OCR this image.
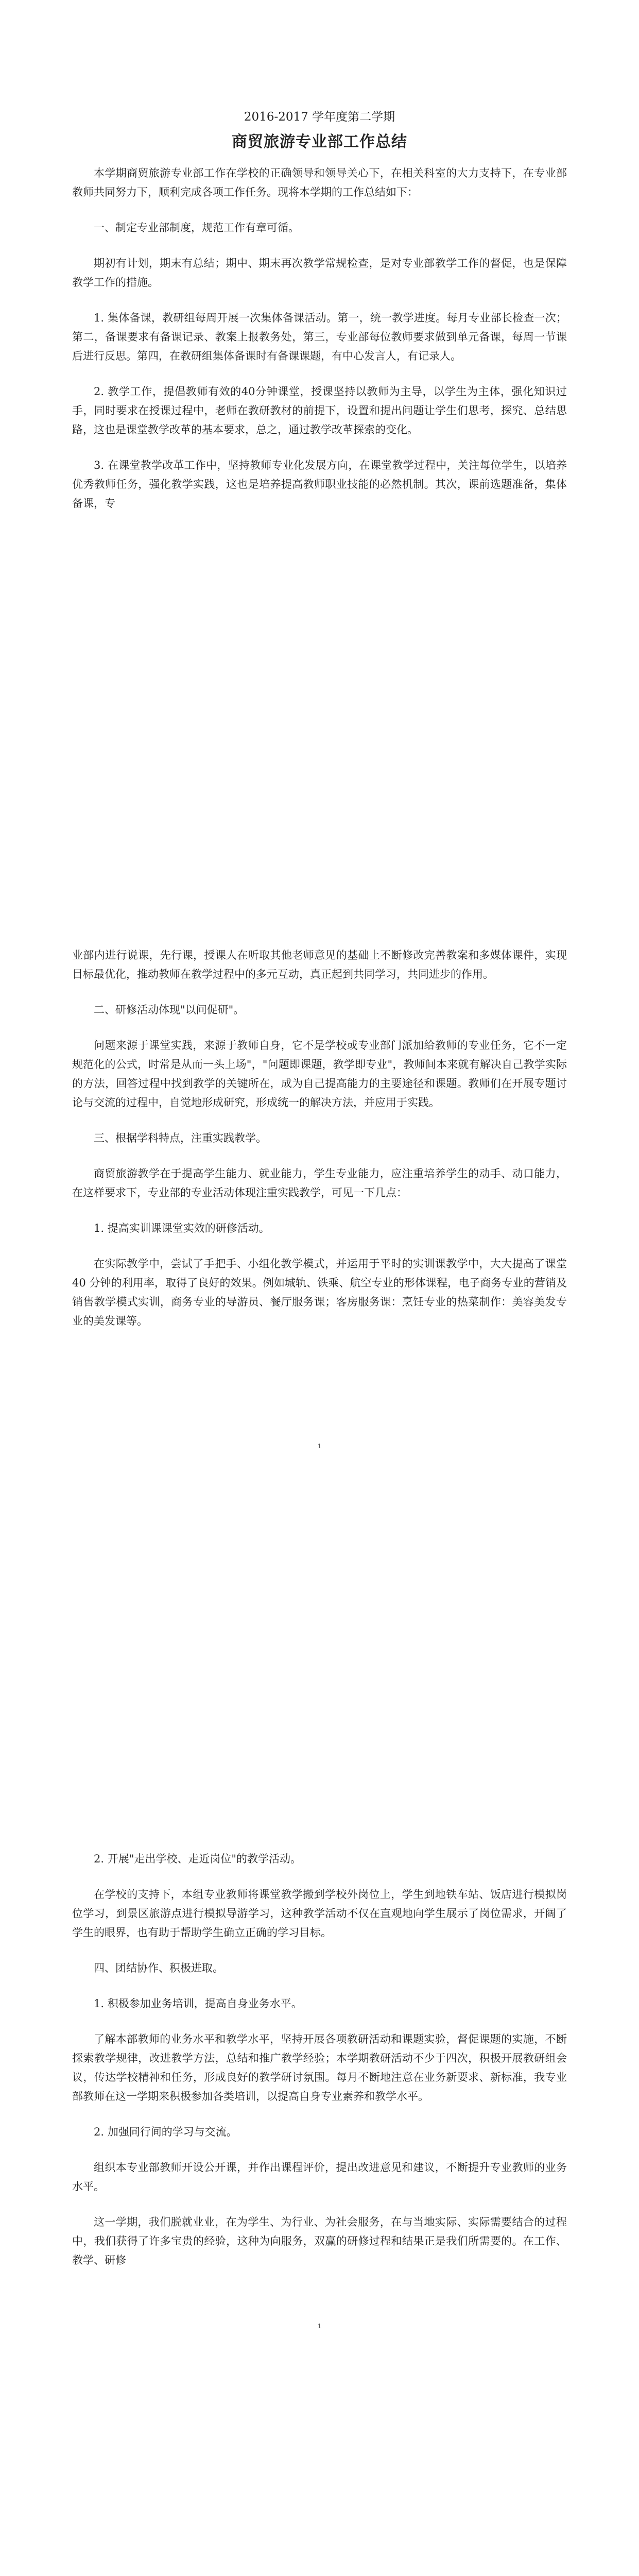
2016-2017 学年度第二学期
商贸旅游专业部工作总结

本学期商贸旅游专业部工作在学校的正确领导和领导关心下，在相关科室的大力支持下，在专业部教师共同努力下，顺利完成各项工作任务。现将本学期的工作总结如下：

一、制定专业部制度，规范工作有章可循。

期初有计划，期末有总结；期中、期末再次教学常规检查，是对专业部教学工作的督促，也是保障教学工作的措施。

1. 集体备课，教研组每周开展一次集体备课活动。第一，统一教学进度。每月专业部长检查一次；第二，备课要求有备课记录、教案上报教务处，第三，专业部每位教师要求做到单元备课，每周一节课后进行反思。第四，在教研组集体备课时有备课课题，有中心发言人，有记录人。

2. 教学工作，提倡教师有效的40分钟课堂，授课坚持以教师为主导，以学生为主体，强化知识过手，同时要求在授课过程中，老师在教研教材的前提下，设置和提出问题让学生们思考，探究、总结思路，这也是课堂教学改革的基本要求，总之，通过教学改革探索的变化。

3. 在课堂教学改革工作中，坚持教师专业化发展方向，在课堂教学过程中，关注每位学生，以培养优秀教师任务，强化教学实践，这也是培养提高教师职业技能的必然机制。其次，课前选题准备，集体备课，专

业部内进行说课，先行课，授课人在听取其他老师意见的基础上不断修改完善教案和多媒体课件，实现目标最优化，推动教师在教学过程中的多元互动，真正起到共同学习，共同进步的作用。

二、研修活动体现"以问促研"。

问题来源于课堂实践，来源于教师自身，它不是学校或专业部门派加给教师的专业任务，它不一定规范化的公式，时常是从而一头上场"，"问题即课题，教学即专业"，教师间本来就有解决自己教学实际的方法，回答过程中找到教学的关键所在，成为自己提高能力的主要途径和课题。教师们在开展专题讨论与交流的过程中，自觉地形成研究，形成统一的解决方法，并应用于实践。

三、根据学科特点，注重实践教学。

商贸旅游教学在于提高学生能力、就业能力，学生专业能力，应注重培养学生的动手、动口能力，在这样要求下，专业部的专业活动体现注重实践教学，可见一下几点：

1. 提高实训课课堂实效的研修活动。

在实际教学中，尝试了手把手、小组化教学模式，并运用于平时的实训课教学中，大大提高了课堂 40 分钟的利用率，取得了良好的效果。例如城轨、铁乘、航空专业的形体课程，电子商务专业的营销及销售教学模式实训，商务专业的导游员、餐厅服务课；客房服务课：烹饪专业的热菜制作：美容美发专业的美发课等。

1

2. 开展"走出学校、走近岗位"的教学活动。

在学校的支持下，本组专业教师将课堂教学搬到学校外岗位上，学生到地铁车站、饭店进行模拟岗位学习，到景区旅游点进行模拟导游学习，这种教学活动不仅在直观地向学生展示了岗位需求，开阔了学生的眼界，也有助于帮助学生确立正确的学习目标。

四、团结协作、积极进取。

1. 积极参加业务培训，提高自身业务水平。

了解本部教师的业务水平和教学水平，坚持开展各项教研活动和课题实验，督促课题的实施，不断探索教学规律，改进教学方法，总结和推广教学经验；本学期教研活动不少于四次，积极开展教研组会议，传达学校精神和任务，形成良好的教学研讨氛围。每月不断地注意在业务新要求、新标准，我专业部教师在这一学期来积极参加各类培训，以提高自身专业素养和教学水平。

2. 加强同行间的学习与交流。

组织本专业部教师开设公开课，并作出课程评价，提出改进意见和建议，不断提升专业教师的业务水平。

这一学期，我们脱就业业，在为学生、为行业、为社会服务，在与当地实际、实际需要结合的过程中，我们获得了许多宝贵的经验，这种为向服务，双赢的研修过程和结果正是我们所需要的。在工作、教学、研修

1
